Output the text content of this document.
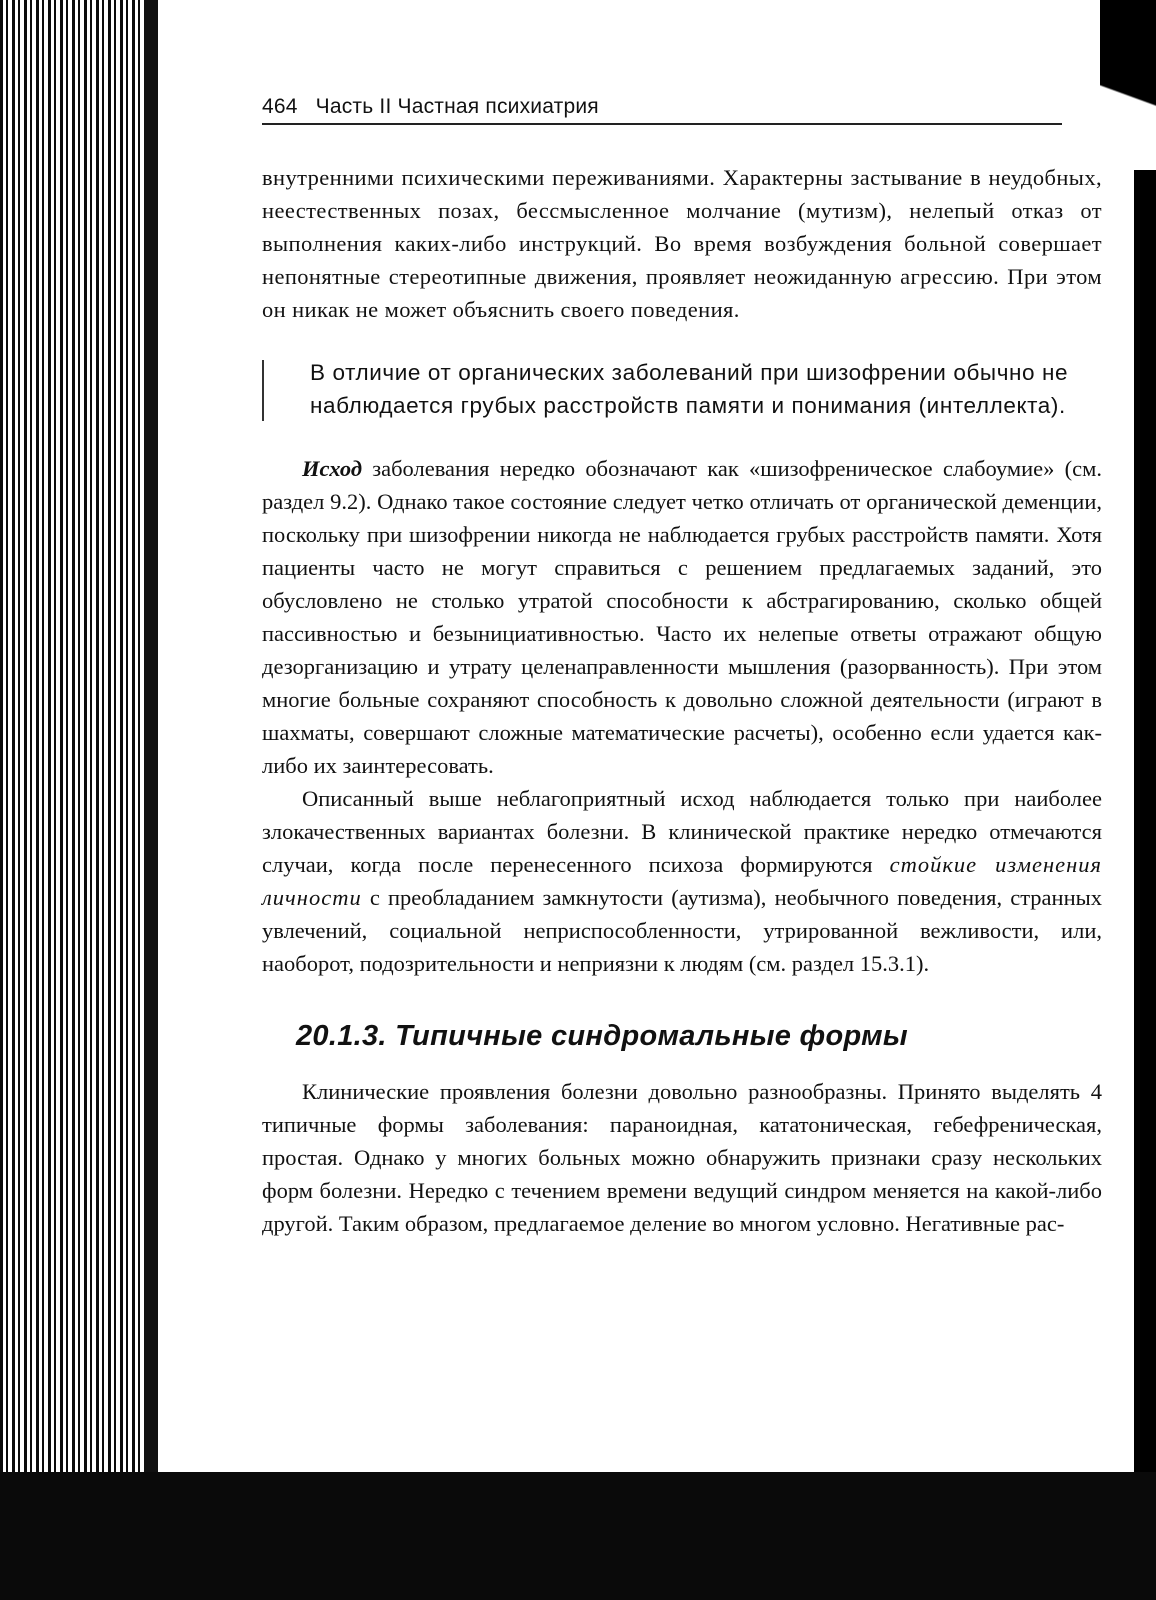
464 Часть II Частная психиатрия

внутренними психическими переживаниями. Характерны застывание в неудобных, неестественных позах, бессмысленное молчание (мутизм), нелепый отказ от выполнения каких-либо инструкций. Во время возбуждения больной совершает непонятные стереотипные движения, проявляет неожиданную агрессию. При этом он никак не может объяснить своего поведения.

В отличие от органических заболеваний при шизофрении обычно не наблюдается грубых расстройств памяти и понимания (интеллекта).

Исход заболевания нередко обозначают как «шизофреническое слабоумие» (см. раздел 9.2). Однако такое состояние следует четко отличать от органической деменции, поскольку при шизофрении никогда не наблюдается грубых расстройств памяти. Хотя пациенты часто не могут справиться с решением предлагаемых заданий, это обусловлено не столько утратой способности к абстрагированию, сколько общей пассивностью и безынициативностью. Часто их нелепые ответы отражают общую дезорганизацию и утрату целенаправленности мышления (разорванность). При этом многие больные сохраняют способность к довольно сложной деятельности (играют в шахматы, совершают сложные математические расчеты), особенно если удается как-либо их заинтересовать.

Описанный выше неблагоприятный исход наблюдается только при наиболее злокачественных вариантах болезни. В клинической практике нередко отмечаются случаи, когда после перенесенного психоза формируются стойкие изменения личности с преобладанием замкнутости (аутизма), необычного поведения, странных увлечений, социальной неприспособленности, утрированной вежливости, или, наоборот, подозрительности и неприязни к людям (см. раздел 15.3.1).

20.1.3. Типичные синдромальные формы

Клинические проявления болезни довольно разнообразны. Принято выделять 4 типичные формы заболевания: параноидная, кататоническая, гебефреническая, простая. Однако у многих больных можно обнаружить признаки сразу нескольких форм болезни. Нередко с течением времени ведущий синдром меняется на какой-либо другой. Таким образом, предлагаемое деление во многом условно. Негативные рас-
